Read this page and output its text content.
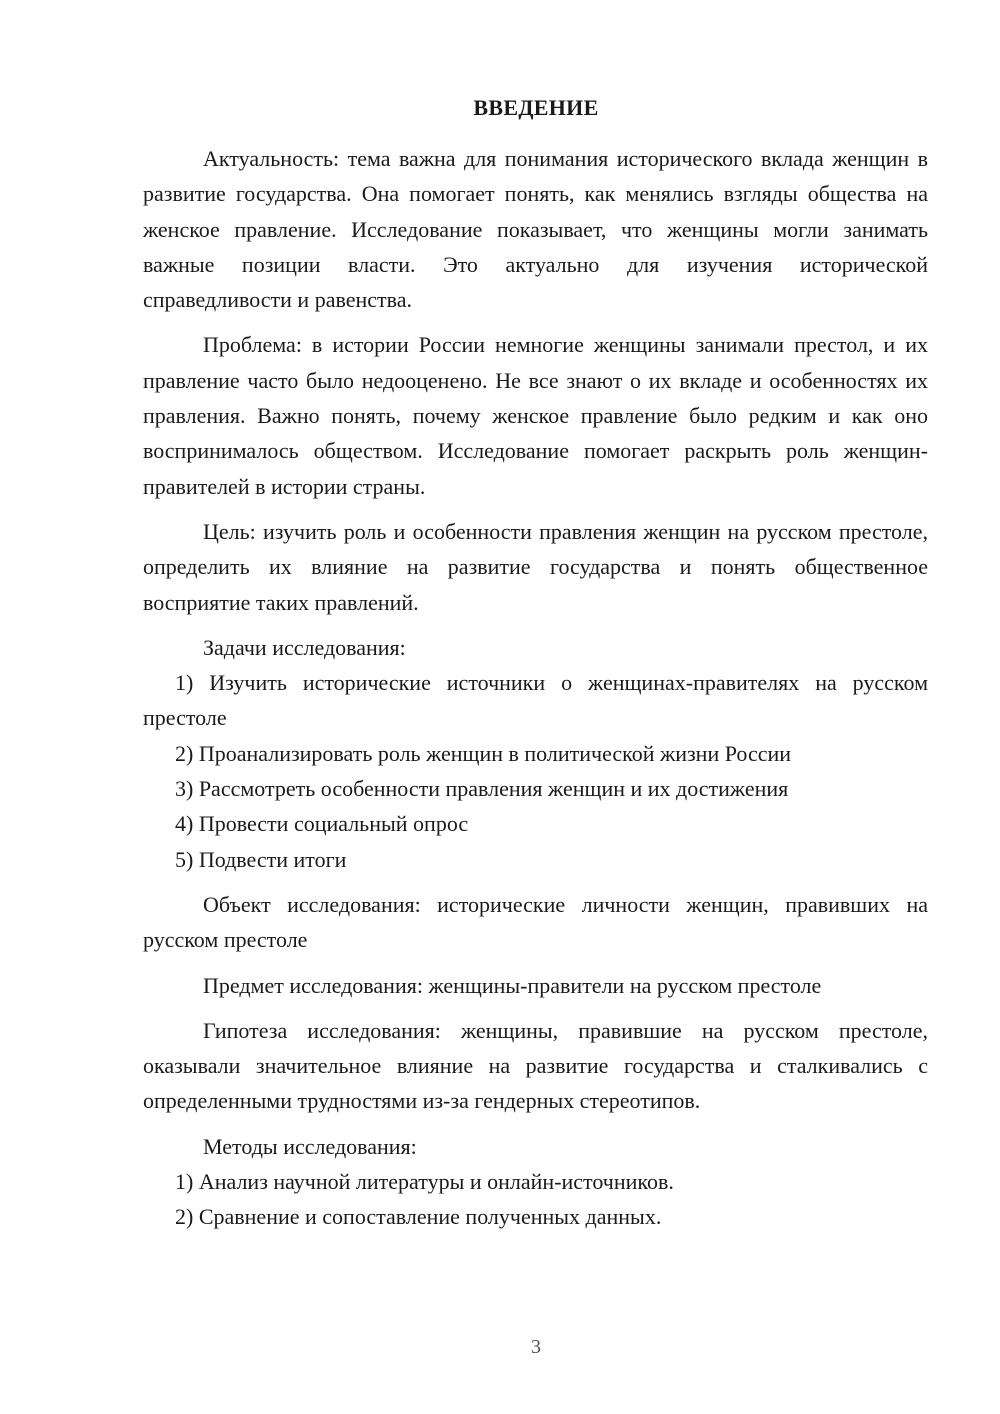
ВВЕДЕНИЕ

Актуальность: тема важна для понимания исторического вклада женщин в развитие государства. Она помогает понять, как менялись взгляды общества на женское правление. Исследование показывает, что женщины могли занимать важные позиции власти. Это актуально для изучения исторической справедливости и равенства.

Проблема: в истории России немногие женщины занимали престол, и их правление часто было недооценено. Не все знают о их вкладе и особенностях их правления. Важно понять, почему женское правление было редким и как оно воспринималось обществом. Исследование помогает раскрыть роль женщин-правителей в истории страны.

Цель: изучить роль и особенности правления женщин на русском престоле, определить их влияние на развитие государства и понять общественное восприятие таких правлений.

Задачи исследования:

1) Изучить исторические источники о женщинах-правителях на русском престоле

2) Проанализировать роль женщин в политической жизни России

3) Рассмотреть особенности правления женщин и их достижения

4) Провести социальный опрос

5) Подвести итоги

Объект исследования: исторические личности женщин, правивших на русском престоле

Предмет исследования: женщины-правители на русском престоле

Гипотеза исследования: женщины, правившие на русском престоле, оказывали значительное влияние на развитие государства и сталкивались с определенными трудностями из-за гендерных стереотипов.

Методы исследования:

1) Анализ научной литературы и онлайн-источников.

2) Сравнение и сопоставление полученных данных.

3
